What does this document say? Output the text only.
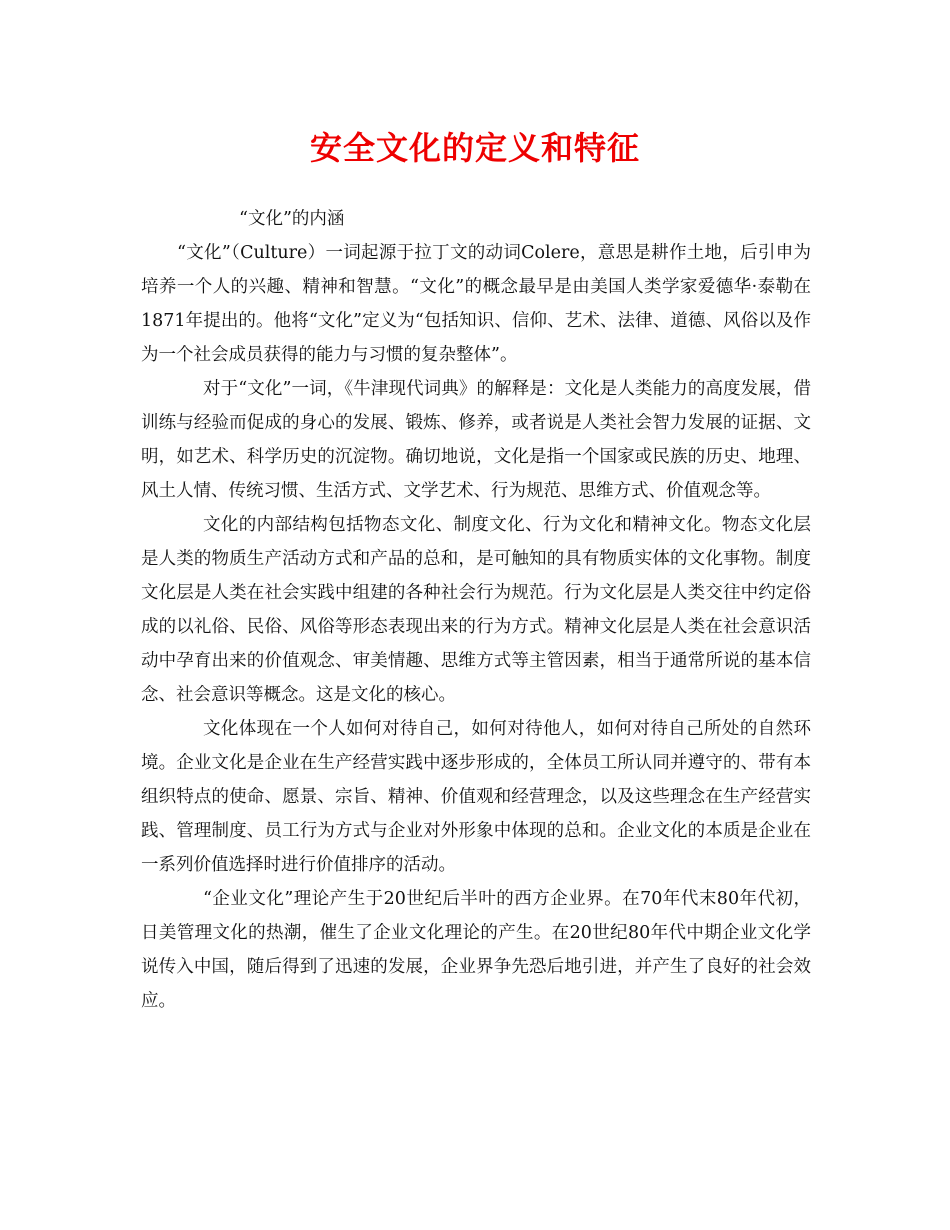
安全文化的定义和特征

“文化”的内涵

“文化”（Culture）一词起源于拉丁文的动词Colere，意思是耕作土地，后引申为培养一个人的兴趣、精神和智慧。“文化”的概念最早是由美国人类学家爱德华·泰勒在1871年提出的。他将“文化”定义为“包括知识、信仰、艺术、法律、道德、风俗以及作为一个社会成员获得的能力与习惯的复杂整体”。

对于“文化”一词，《牛津现代词典》的解释是：文化是人类能力的高度发展，借训练与经验而促成的身心的发展、锻炼、修养，或者说是人类社会智力发展的证据、文明，如艺术、科学历史的沉淀物。确切地说，文化是指一个国家或民族的历史、地理、风土人情、传统习惯、生活方式、文学艺术、行为规范、思维方式、价值观念等。

文化的内部结构包括物态文化、制度文化、行为文化和精神文化。物态文化层是人类的物质生产活动方式和产品的总和，是可触知的具有物质实体的文化事物。制度文化层是人类在社会实践中组建的各种社会行为规范。行为文化层是人类交往中约定俗成的以礼俗、民俗、风俗等形态表现出来的行为方式。精神文化层是人类在社会意识活动中孕育出来的价值观念、审美情趣、思维方式等主管因素，相当于通常所说的基本信念、社会意识等概念。这是文化的核心。

文化体现在一个人如何对待自己，如何对待他人，如何对待自己所处的自然环境。企业文化是企业在生产经营实践中逐步形成的，全体员工所认同并遵守的、带有本组织特点的使命、愿景、宗旨、精神、价值观和经营理念，以及这些理念在生产经营实践、管理制度、员工行为方式与企业对外形象中体现的总和。企业文化的本质是企业在一系列价值选择时进行价值排序的活动。

“企业文化”理论产生于20世纪后半叶的西方企业界。在70年代末80年代初，日美管理文化的热潮，催生了企业文化理论的产生。在20世纪80年代中期企业文化学说传入中国，随后得到了迅速的发展，企业界争先恐后地引进，并产生了良好的社会效应。
